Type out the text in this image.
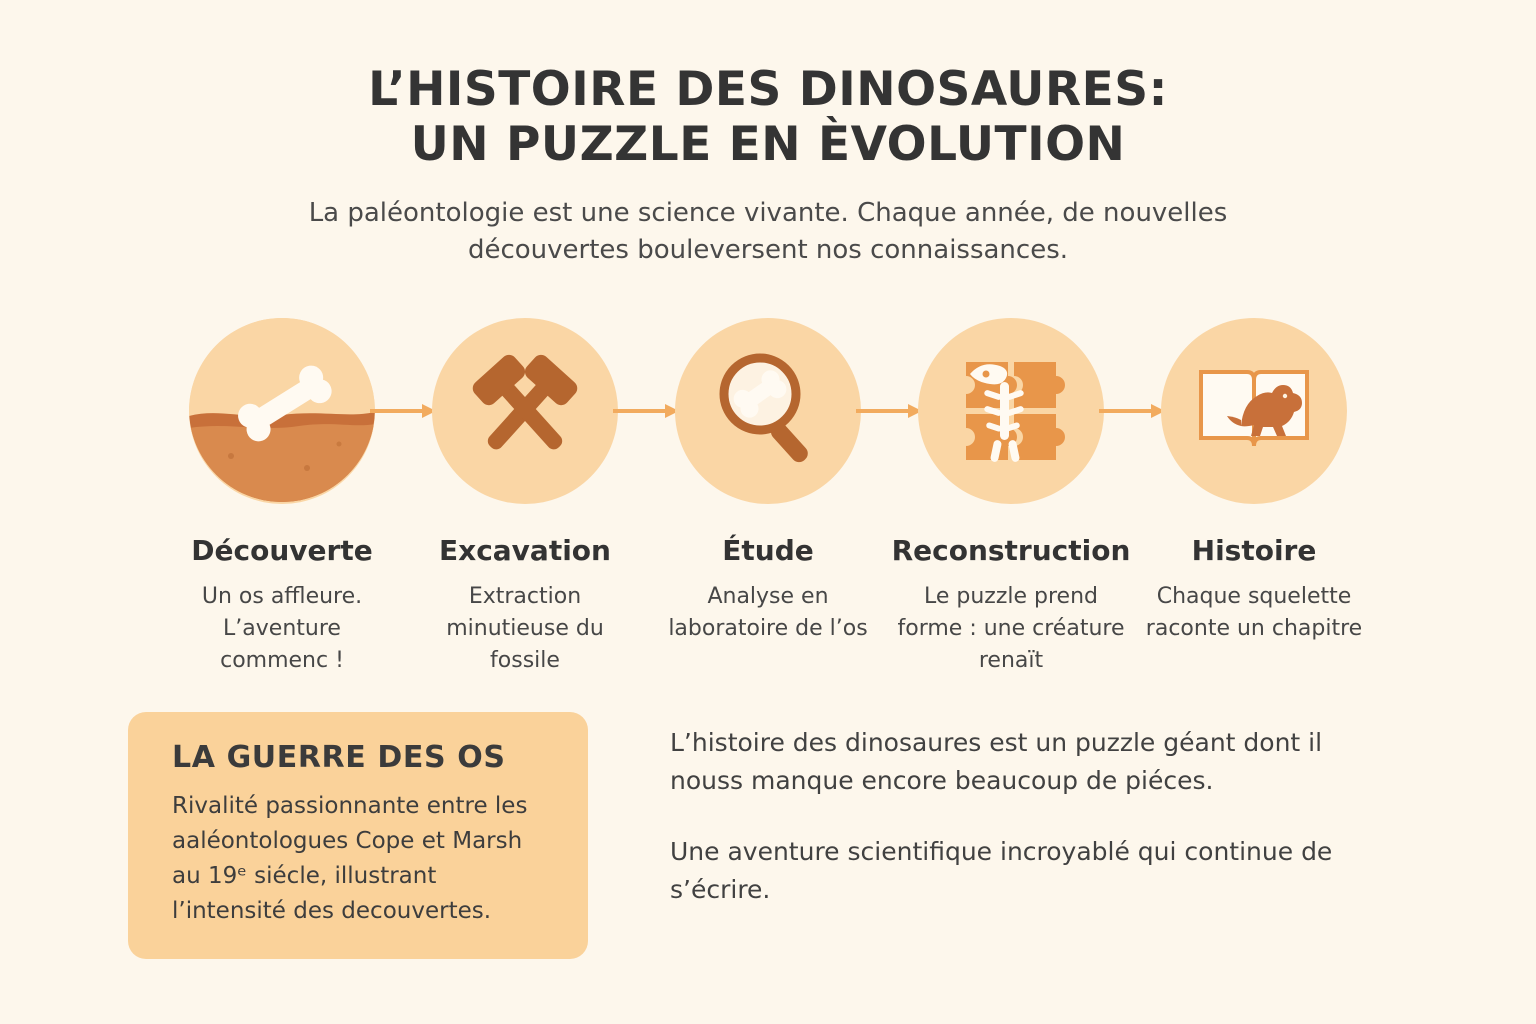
L’HISTOIRE DES DINOSAURES:
UN PUZZLE EN ÈVOLUTION

La paléontologie est une science vivante. Chaque année, de nouvelles découvertes bouleversent nos connaissances.

Découverte
Un os affleure. L’aventure commenc !
Excavation
Extraction minutieuse du fossile
Étude
Analyse en laboratoire de l’os
Reconstruction
Le puzzle prend forme : une créature renaït
Histoire
Chaque squelette raconte un chapitre
LA GUERRE DES OS

Rivalité passionnante entre les aaléontologues Cope et Marsh au 19ᵉ siécle, illustrant l’intensité des decouvertes.

L’histoire des dinosaures est un puzzle géant dont il nouss manque encore beaucoup de piéces.

Une aventure scientifique incroyablé qui continue de s’écrire.
